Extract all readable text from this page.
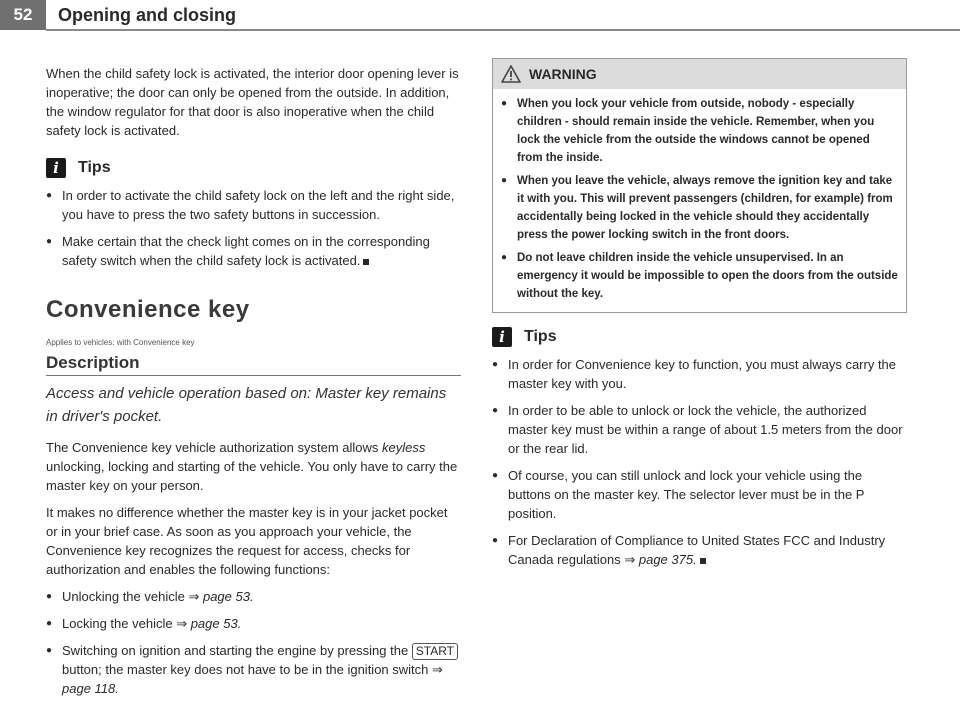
52	Opening and closing

When the child safety lock is activated, the interior door opening lever is inoperative; the door can only be opened from the outside. In addition, the window regulator for that door is also inoperative when the child safety lock is activated.

i	Tips
● In order to activate the child safety lock on the left and the right side, you have to press the two safety buttons in succession.
● Make certain that the check light comes on in the corresponding safety switch when the child safety lock is activated.
Convenience key
Applies to vehicles: with Convenience key
Description
Access and vehicle operation based on: Master key remains in driver's pocket.

The Convenience key vehicle authorization system allows keyless unlocking, locking and starting of the vehicle. You only have to carry the master key on your person.

It makes no difference whether the master key is in your jacket pocket or in your brief case. As soon as you approach your vehicle, the Convenience key recognizes the request for access, checks for authorization and enables the following functions:

● Unlocking the vehicle ⇒ page 53.
● Locking the vehicle ⇒ page 53.
● Switching on ignition and starting the engine by pressing the START button; the master key does not have to be in the ignition switch ⇒ page 118.
WARNING
● When you lock your vehicle from outside, nobody - especially children - should remain inside the vehicle. Remember, when you lock the vehicle from the outside the windows cannot be opened from the inside.
● When you leave the vehicle, always remove the ignition key and take it with you. This will prevent passengers (children, for example) from accidentally being locked in the vehicle should they accidentally press the power locking switch in the front doors.
● Do not leave children inside the vehicle unsupervised. In an emergency it would be impossible to open the doors from the outside without the key.
i	Tips
● In order for Convenience key to function, you must always carry the master key with you.
● In order to be able to unlock or lock the vehicle, the authorized master key must be within a range of about 1.5 meters from the door or the rear lid.
● Of course, you can still unlock and lock your vehicle using the buttons on the master key. The selector lever must be in the P position.
● For Declaration of Compliance to United States FCC and Industry Canada regulations ⇒ page 375.
